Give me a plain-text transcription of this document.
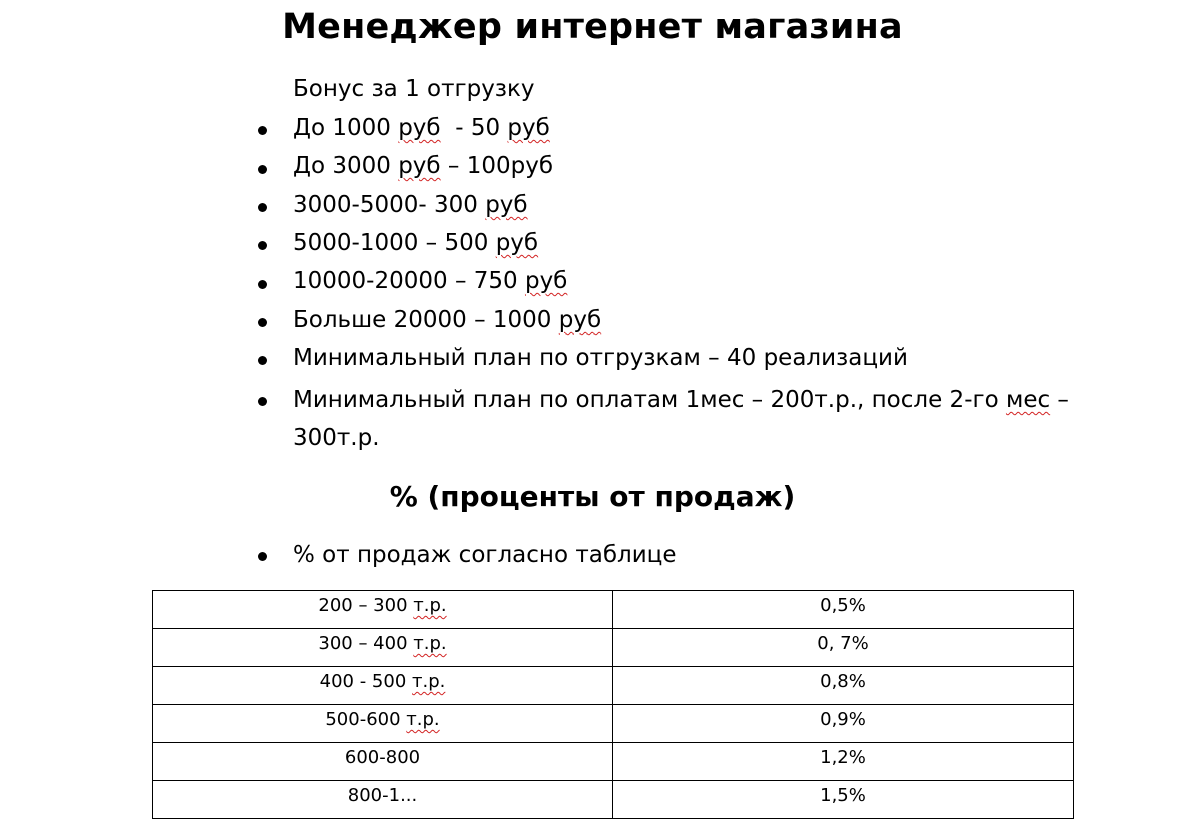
Менеджер интернет магазина
Бонус за 1 отгрузку
До 1000 руб  - 50 руб
До 3000 руб – 100руб
3000-5000- 300 руб
5000-1000 – 500 руб
10000-20000 – 750 руб
Больше 20000 – 1000 руб
Минимальный план по отгрузкам – 40 реализаций
Минимальный план по оплатам 1мес – 200т.р., после 2-го мес –
300т.р.
% (проценты от продаж)
% от продаж согласно таблице
200 – 300 т.р.	0,5%
300 – 400 т.р.	0, 7%
400 - 500 т.р.	0,8%
500-600 т.р.	0,9%
600-800	1,2%
800-1...	1,5%
